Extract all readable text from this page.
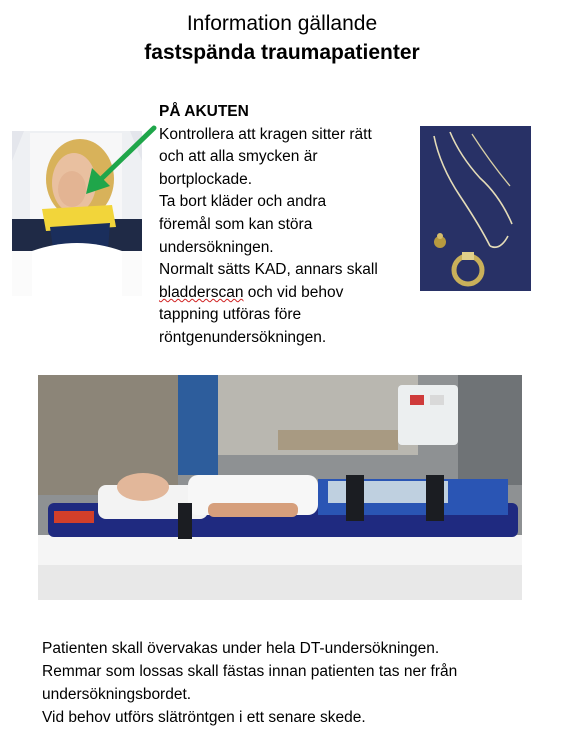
Information gällande
fastspända traumapatienter
PÅ AKUTEN
Kontrollera att kragen sitter rätt
och att alla smycken är
bortplockade.
Ta bort kläder och andra
föremål som kan störa
undersökningen.
Normalt sätts KAD, annars skall
bladderscan och vid behov
tappning utföras före
röntgenundersökningen.
Patienten skall övervakas under hela DT-undersökningen.
Remmar som lossas skall fästas innan patienten tas ner från
undersökningsbordet.
Vid behov utförs slätröntgen i ett senare skede.
